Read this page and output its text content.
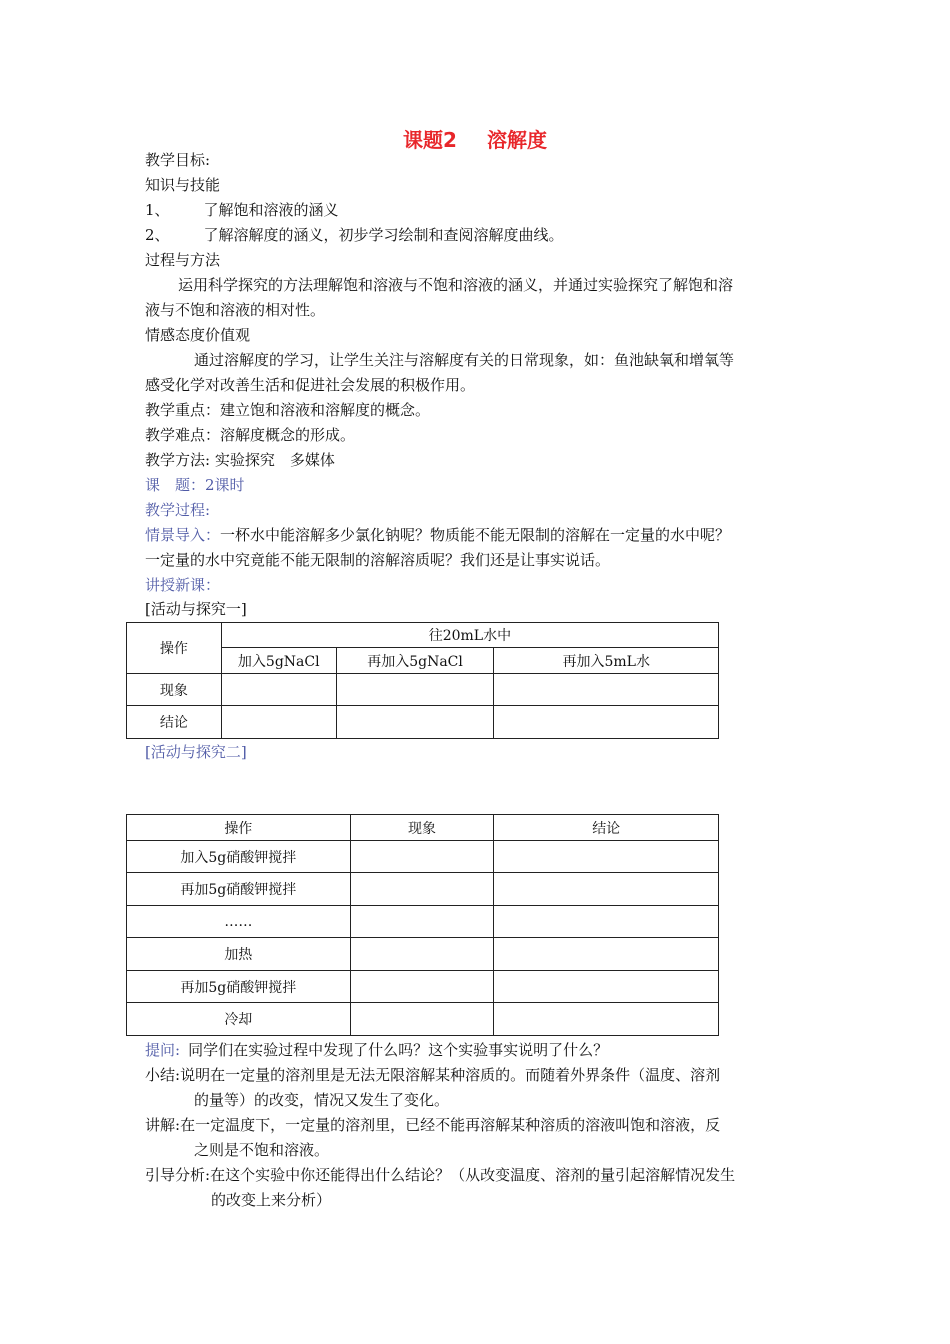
课题2 溶解度
教学目标:
知识与技能
1、 了解饱和溶液的涵义
2、 了解溶解度的涵义，初步学习绘制和查阅溶解度曲线。
过程与方法
运用科学探究的方法理解饱和溶液与不饱和溶液的涵义，并通过实验探究了解饱和溶
液与不饱和溶液的相对性。
情感态度价值观
通过溶解度的学习，让学生关注与溶解度有关的日常现象，如：鱼池缺氧和增氧等
感受化学对改善生活和促进社会发展的积极作用。
教学重点：建立饱和溶液和溶解度的概念。
教学难点：溶解度概念的形成。
教学方法: 实验探究　多媒体
课　题：2课时
教学过程:
情景导入：一杯水中能溶解多少氯化钠呢？物质能不能无限制的溶解在一定量的水中呢？
一定量的水中究竟能不能无限制的溶解溶质呢？我们还是让事实说话。
讲授新课：
[活动与探究一]
操作	往20mL水中		
	加入5gNaCl	再加入5gNaCl	再加入5mL水
现象			
结论			
[活动与探究二]
操作	现象	结论
加入5g硝酸钾搅拌		
再加5g硝酸钾搅拌		
……		
加热		
再加5g硝酸钾搅拌		
冷却		
提问: 同学们在实验过程中发现了什么吗？这个实验事实说明了什么？
小结:说明在一定量的溶剂里是无法无限溶解某种溶质的。而随着外界条件（温度、溶剂
的量等）的改变，情况又发生了变化。
讲解:在一定温度下，一定量的溶剂里，已经不能再溶解某种溶质的溶液叫饱和溶液，反
之则是不饱和溶液。
引导分析:在这个实验中你还能得出什么结论？（从改变温度、溶剂的量引起溶解情况发生
的改变上来分析）
